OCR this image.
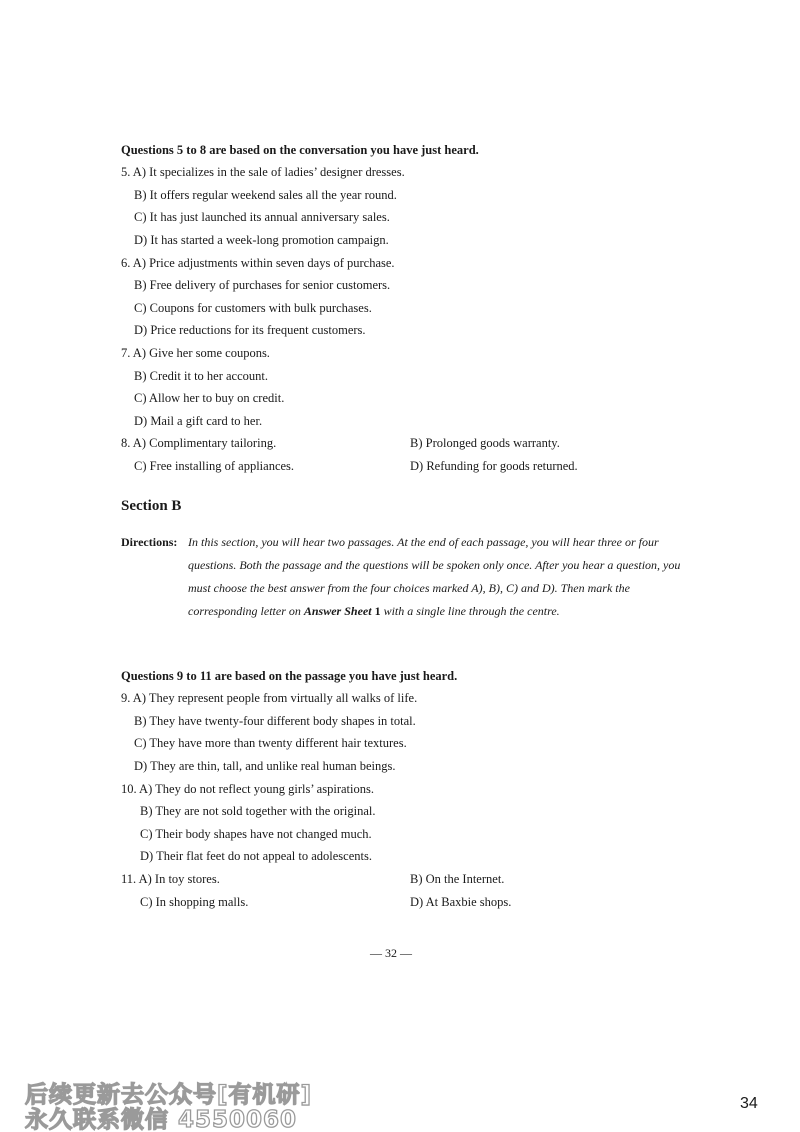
Questions 5 to 8 are based on the conversation you have just heard.
5. A) It specializes in the sale of ladies’ designer dresses.
B) It offers regular weekend sales all the year round.
C) It has just launched its annual anniversary sales.
D) It has started a week-long promotion campaign.
6. A) Price adjustments within seven days of purchase.
B) Free delivery of purchases for senior customers.
C) Coupons for customers with bulk purchases.
D) Price reductions for its frequent customers.
7. A) Give her some coupons.
B) Credit it to her account.
C) Allow her to buy on credit.
D) Mail a gift card to her.
8. A) Complimentary tailoring.	B) Prolonged goods warranty.
C) Free installing of appliances.	D) Refunding for goods returned.
Section B
Directions: In this section, you will hear two passages. At the end of each passage, you will hear three or four questions. Both the passage and the questions will be spoken only once. After you hear a question, you must choose the best answer from the four choices marked A), B), C) and D). Then mark the corresponding letter on Answer Sheet 1 with a single line through the centre.
Questions 9 to 11 are based on the passage you have just heard.
9. A) They represent people from virtually all walks of life.
B) They have twenty-four different body shapes in total.
C) They have more than twenty different hair textures.
D) They are thin, tall, and unlike real human beings.
10. A) They do not reflect young girls’ aspirations.
B) They are not sold together with the original.
C) Their body shapes have not changed much.
D) Their flat feet do not appeal to adolescents.
11. A) In toy stores.	B) On the Internet.
C) In shopping malls.	D) At Baxbie shops.
— 32 —
后续更新去公众号[有机研]
永久联系微信 4550060
34
